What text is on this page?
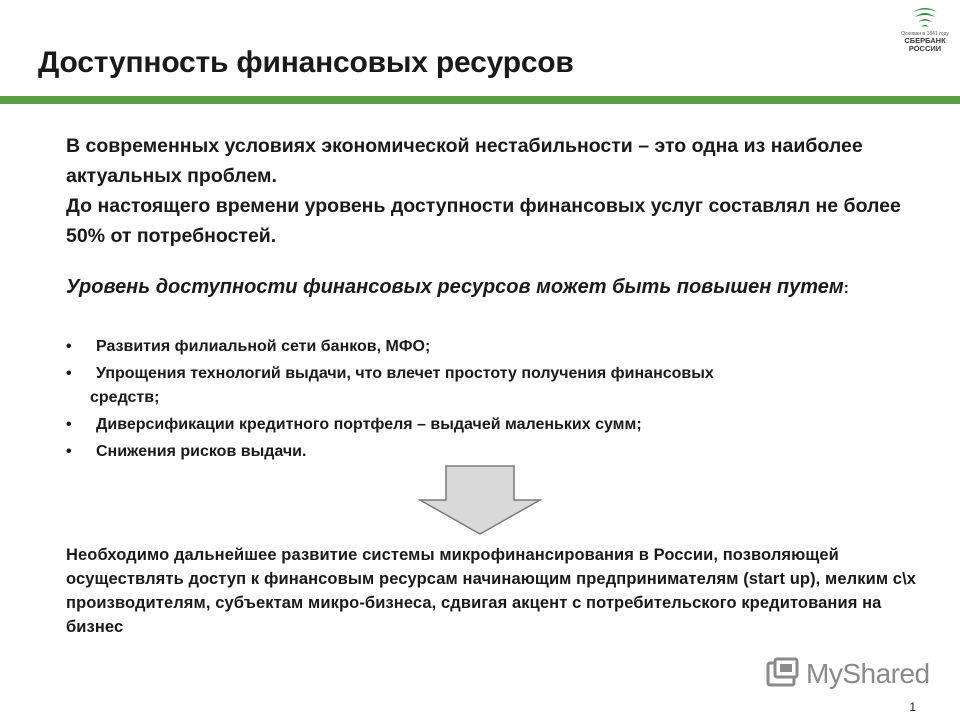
Доступность финансовых ресурсов
Основан в 1841 году
СБЕРБАНК
РОССИИ

В современных условиях экономической нестабильности – это одна из наиболее актуальных проблем.

До настоящего времени уровень доступности финансовых услуг составлял не более 50% от потребностей.

Уровень доступности финансовых ресурсов может быть повышен путем:
• Развития филиальной сети банков, МФО;
• Упрощения технологий выдачи, что влечет простоту получения финансовых
средств;
• Диверсификации кредитного портфеля – выдачей маленьких сумм;
• Снижения рисков выдачи.
Необходимо дальнейшее развитие системы микрофинансирования в России, позволяющей осуществлять доступ к финансовым ресурсам начинающим предпринимателям (start up), мелким с\х производителям, субъектам микро-бизнеса, сдвигая акцент с потребительского кредитования на бизнес
MyShared
1
